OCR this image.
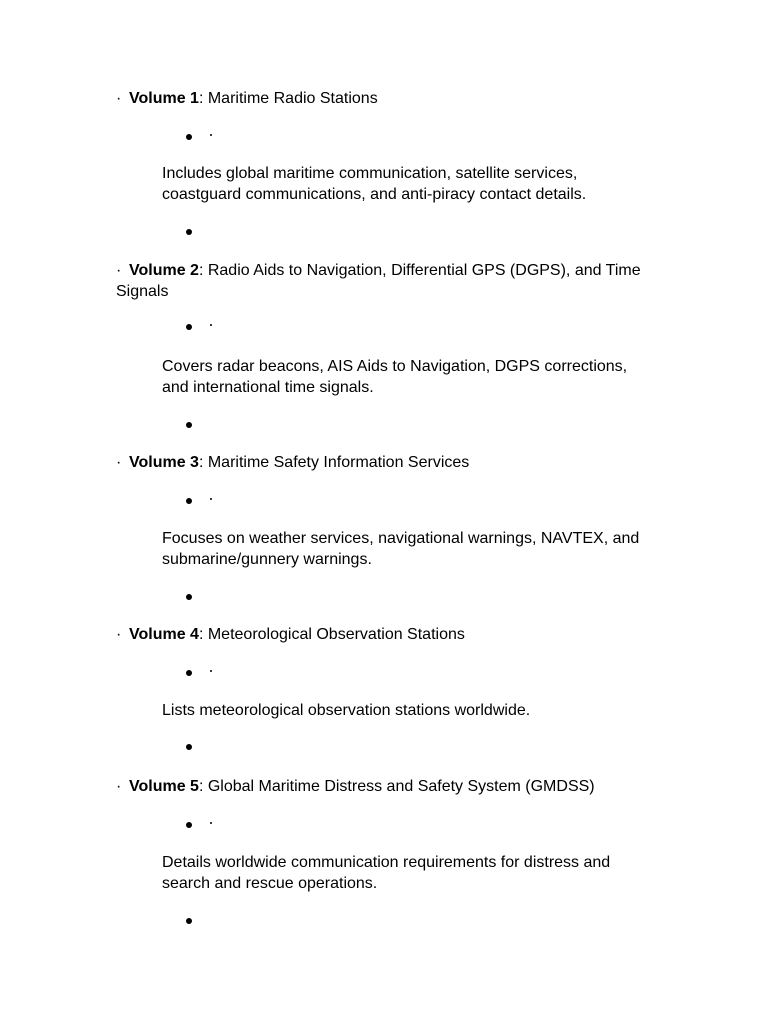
· Volume 1: Maritime Radio Stations

Includes global maritime communication, satellite services, coastguard communications, and anti-piracy contact details.

· Volume 2: Radio Aids to Navigation, Differential GPS (DGPS), and Time Signals

Covers radar beacons, AIS Aids to Navigation, DGPS corrections, and international time signals.

· Volume 3: Maritime Safety Information Services

Focuses on weather services, navigational warnings, NAVTEX, and submarine/gunnery warnings.

· Volume 4: Meteorological Observation Stations

Lists meteorological observation stations worldwide.

· Volume 5: Global Maritime Distress and Safety System (GMDSS)

Details worldwide communication requirements for distress and search and rescue operations.
